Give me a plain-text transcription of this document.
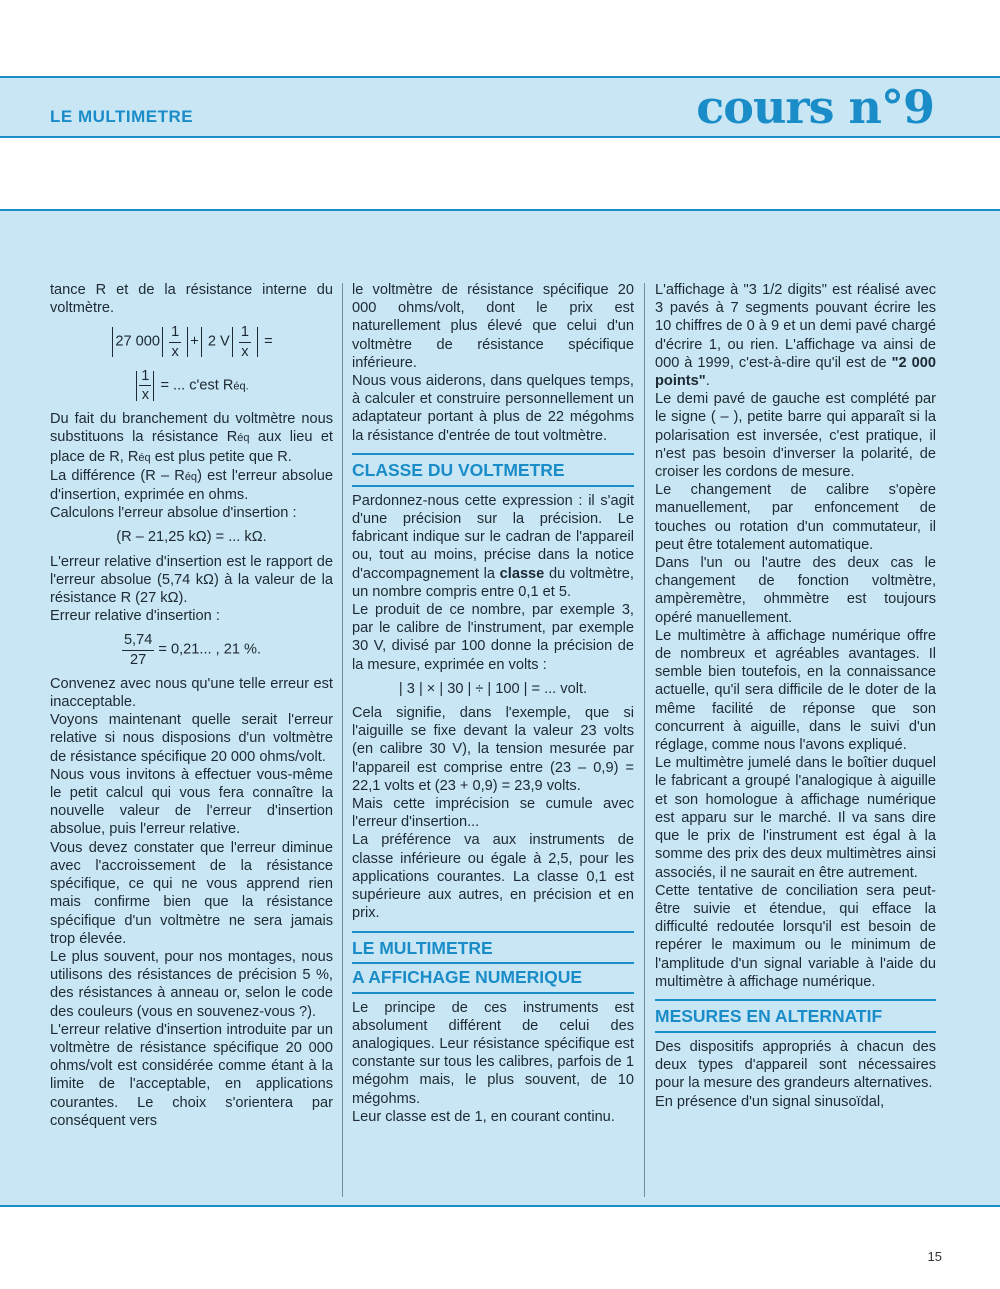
LE MULTIMETRE	cours n°9

tance R et de la résistance interne du voltmètre.

27 $000 \frac{1}{x} + 2$ V $\frac{1}{x}$ =
$\frac{1}{x}$ = ... c'est Réq.

Du fait du branchement du voltmètre nous substituons la résistance Réq aux lieu et place de R, Réq est plus petite que R.

La différence (R – Réq) est l'erreur absolue d'insertion, exprimée en ohms.

Calculons l'erreur absolue d'insertion :

(R – 21,25 kΩ) = ... kΩ.

L'erreur relative d'insertion est le rapport de l'erreur absolue (5,74 kΩ) à la valeur de la résistance R (27 kΩ).

Erreur relative d'insertion :

$\frac{5,74}{27} = 0,21$... , 21 %.

Convenez avec nous qu'une telle erreur est inacceptable.

Voyons maintenant quelle serait l'erreur relative si nous disposions d'un voltmètre de résistance spécifique 20 000 ohms/volt.

Nous vous invitons à effectuer vous-même le petit calcul qui vous fera connaître la nouvelle valeur de l'erreur d'insertion absolue, puis l'erreur relative.

Vous devez constater que l'erreur diminue avec l'accroissement de la résistance spécifique, ce qui ne vous apprend rien mais confirme bien que la résistance spécifique d'un voltmètre ne sera jamais trop élevée.

Le plus souvent, pour nos montages, nous utilisons des résistances de précision 5 %, des résistances à anneau or, selon le code des couleurs (vous en souvenez-vous ?).

L'erreur relative d'insertion introduite par un voltmètre de résistance spécifique 20 000 ohms/volt est considérée comme étant à la limite de l'acceptable, en applications courantes. Le choix s'orientera par conséquent vers

le voltmètre de résistance spécifique 20 000 ohms/volt, dont le prix est naturellement plus élevé que celui d'un voltmètre de résistance spécifique inférieure.

Nous vous aiderons, dans quelques temps, à calculer et construire personnellement un adaptateur portant à plus de 22 mégohms la résistance d'entrée de tout voltmètre.

CLASSE DU VOLTMETRE

Pardonnez-nous cette expression : il s'agit d'une précision sur la précision. Le fabricant indique sur le cadran de l'appareil ou, tout au moins, précise dans la notice d'accompagnement la classe du voltmètre, un nombre compris entre 0,1 et 5.

Le produit de ce nombre, par exemple 3, par le calibre de l'instrument, par exemple 30 V, divisé par 100 donne la précision de la mesure, exprimée en volts :

| 3 | × | 30 | ÷ | 100 | = ... volt.

Cela signifie, dans l'exemple, que si l'aiguille se fixe devant la valeur 23 volts (en calibre 30 V), la tension mesurée par l'appareil est comprise entre (23 – 0,9) = 22,1 volts et (23 + 0,9) = 23,9 volts.

Mais cette imprécision se cumule avec l'erreur d'insertion...

La préférence va aux instruments de classe inférieure ou égale à 2,5, pour les applications courantes. La classe 0,1 est supérieure aux autres, en précision et en prix.

LE MULTIMETRE
A AFFICHAGE NUMERIQUE

Le principe de ces instruments est absolument différent de celui des analogiques. Leur résistance spécifique est constante sur tous les calibres, parfois de 1 mégohm mais, le plus souvent, de 10 mégohms.

Leur classe est de 1, en courant continu.

L'affichage à "3 1/2 digits" est réalisé avec 3 pavés à 7 segments pouvant écrire les 10 chiffres de 0 à 9 et un demi pavé chargé d'écrire 1, ou rien. L'affichage va ainsi de 000 à 1999, c'est-à-dire qu'il est de "2 000 points".

Le demi pavé de gauche est complété par le signe ( – ), petite barre qui apparaît si la polarisation est inversée, c'est pratique, il n'est pas besoin d'inverser la polarité, de croiser les cordons de mesure.

Le changement de calibre s'opère manuellement, par enfoncement de touches ou rotation d'un commutateur, il peut être totalement automatique.

Dans l'un ou l'autre des deux cas le changement de fonction voltmètre, ampèremètre, ohmmètre est toujours opéré manuellement.

Le multimètre à affichage numérique offre de nombreux et agréables avantages. Il semble bien toutefois, en la connaissance actuelle, qu'il sera difficile de le doter de la même facilité de réponse que son concurrent à aiguille, dans le suivi d'un réglage, comme nous l'avons expliqué.

Le multimètre jumelé dans le boîtier duquel le fabricant a groupé l'analogique à aiguille et son homologue à affichage numérique est apparu sur le marché. Il va sans dire que le prix de l'instrument est égal à la somme des prix des deux multimètres ainsi associés, il ne saurait en être autrement.

Cette tentative de conciliation sera peut-être suivie et étendue, qui efface la difficulté redoutée lorsqu'il est besoin de repérer le maximum ou le minimum de l'amplitude d'un signal variable à l'aide du multimètre à affichage numérique.

MESURES EN ALTERNATIF

Des dispositifs appropriés à chacun des deux types d'appareil sont nécessaires pour la mesure des grandeurs alternatives.

En présence d'un signal sinusoïdal,

15
